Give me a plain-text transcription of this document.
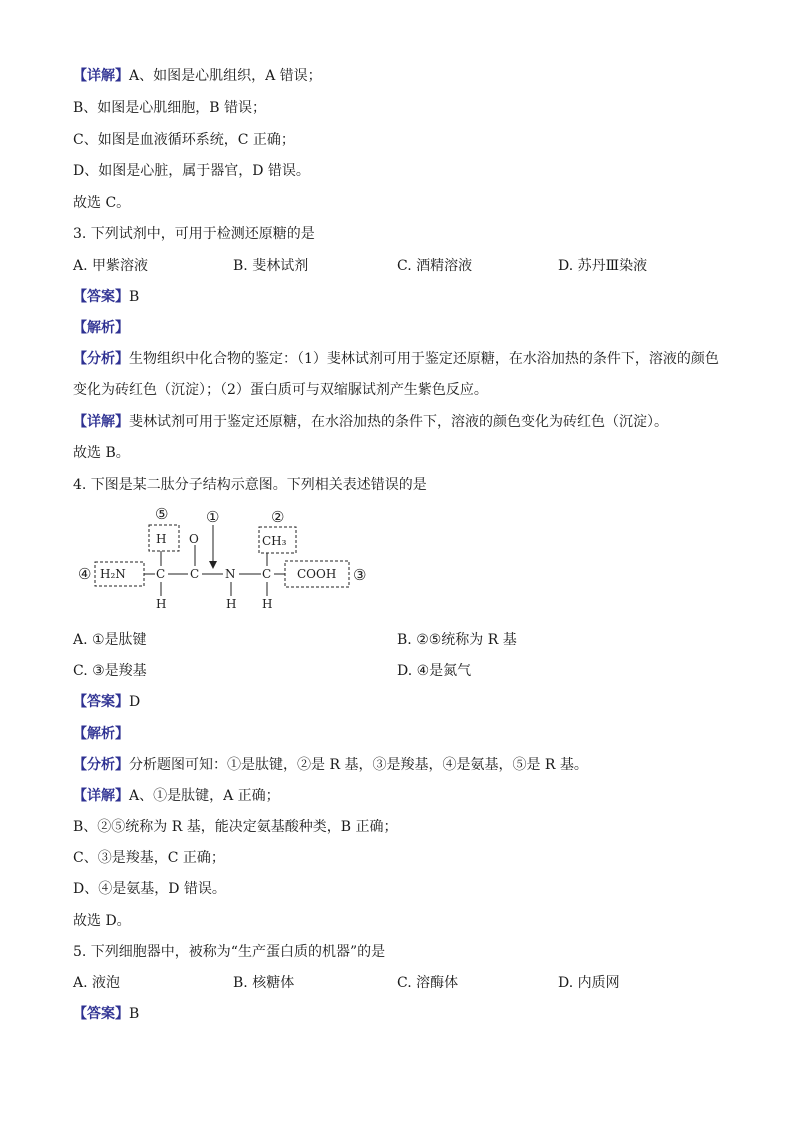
【详解】A、如图是心肌组织，A 错误；
B、如图是心肌细胞，B 错误；
C、如图是血液循环系统，C 正确；
D、如图是心脏，属于器官，D 错误。
故选 C。
3. 下列试剂中，可用于检测还原糖的是
A. 甲紫溶液	B. 斐林试剂	C. 酒精溶液	D. 苏丹Ⅲ染液
【答案】B
【解析】
【分析】生物组织中化合物的鉴定：（1）斐林试剂可用于鉴定还原糖，在水浴加热的条件下，溶液的颜色
变化为砖红色（沉淀）；（2）蛋白质可与双缩脲试剂产生紫色反应。
【详解】斐林试剂可用于鉴定还原糖，在水浴加热的条件下，溶液的颜色变化为砖红色（沉淀）。
故选 B。
4. 下图是某二肽分子结构示意图。下列相关表述错误的是
④
⑤	①	②
③
H₂N
H O	CH₃
COOH
C C N C
H	H H
A. ①是肽键	B. ②⑤统称为 R 基
C. ③是羧基	D. ④是氮气
【答案】D
【解析】
【分析】分析题图可知：①是肽键，②是 R 基，③是羧基，④是氨基，⑤是 R 基。
【详解】A、①是肽键，A 正确；
B、②⑤统称为 R 基，能决定氨基酸种类，B 正确；
C、③是羧基，C 正确；
D、④是氨基，D 错误。
故选 D。
5. 下列细胞器中，被称为“生产蛋白质的机器”的是
A. 液泡	B. 核糖体	C. 溶酶体	D. 内质网
【答案】B
